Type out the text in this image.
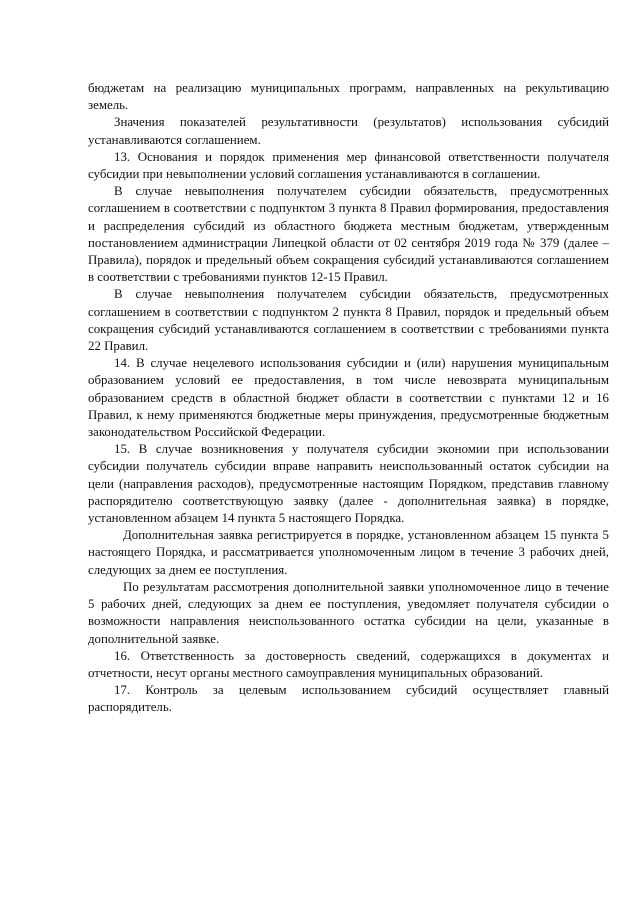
бюджетам на реализацию муниципальных программ, направленных на рекультивацию земель.

Значения показателей результативности (результатов) использования субсидий устанавливаются соглашением.

13. Основания и порядок применения мер финансовой ответственности получателя субсидии при невыполнении условий соглашения устанавливаются в соглашении.

В случае невыполнения получателем субсидии обязательств, предусмотренных соглашением в соответствии с подпунктом 3 пункта 8 Правил формирования, предоставления и распределения субсидий из областного бюджета местным бюджетам, утвержденным постановлением администрации Липецкой области от 02 сентября 2019 года № 379 (далее – Правила), порядок и предельный объем сокращения субсидий устанавливаются соглашением в соответствии с требованиями пунктов 12-15 Правил.

В случае невыполнения получателем субсидии обязательств, предусмотренных соглашением в соответствии с подпунктом 2 пункта 8 Правил, порядок и предельный объем сокращения субсидий устанавливаются соглашением в соответствии с требованиями пункта 22 Правил.

14. В случае нецелевого использования субсидии и (или) нарушения муниципальным образованием условий ее предоставления, в том числе невозврата муниципальным образованием средств в областной бюджет области в соответствии с пунктами 12 и 16 Правил, к нему применяются бюджетные меры принуждения, предусмотренные бюджетным законодательством Российской Федерации.

15. В случае возникновения у получателя субсидии экономии при использовании субсидии получатель субсидии вправе направить неиспользованный остаток субсидии на цели (направления расходов), предусмотренные настоящим Порядком, представив главному распорядителю соответствующую заявку (далее - дополнительная заявка) в порядке, установленном абзацем 14 пункта 5 настоящего Порядка.

Дополнительная заявка регистрируется в порядке, установленном абзацем 15 пункта 5 настоящего Порядка, и рассматривается уполномоченным лицом в течение 3 рабочих дней, следующих за днем ее поступления.

По результатам рассмотрения дополнительной заявки уполномоченное лицо в течение 5 рабочих дней, следующих за днем ее поступления, уведомляет получателя субсидии о возможности направления неиспользованного остатка субсидии на цели, указанные в дополнительной заявке.

16. Ответственность за достоверность сведений, содержащихся в документах и отчетности, несут органы местного самоуправления муниципальных образований.

17. Контроль за целевым использованием субсидий осуществляет главный распорядитель.
